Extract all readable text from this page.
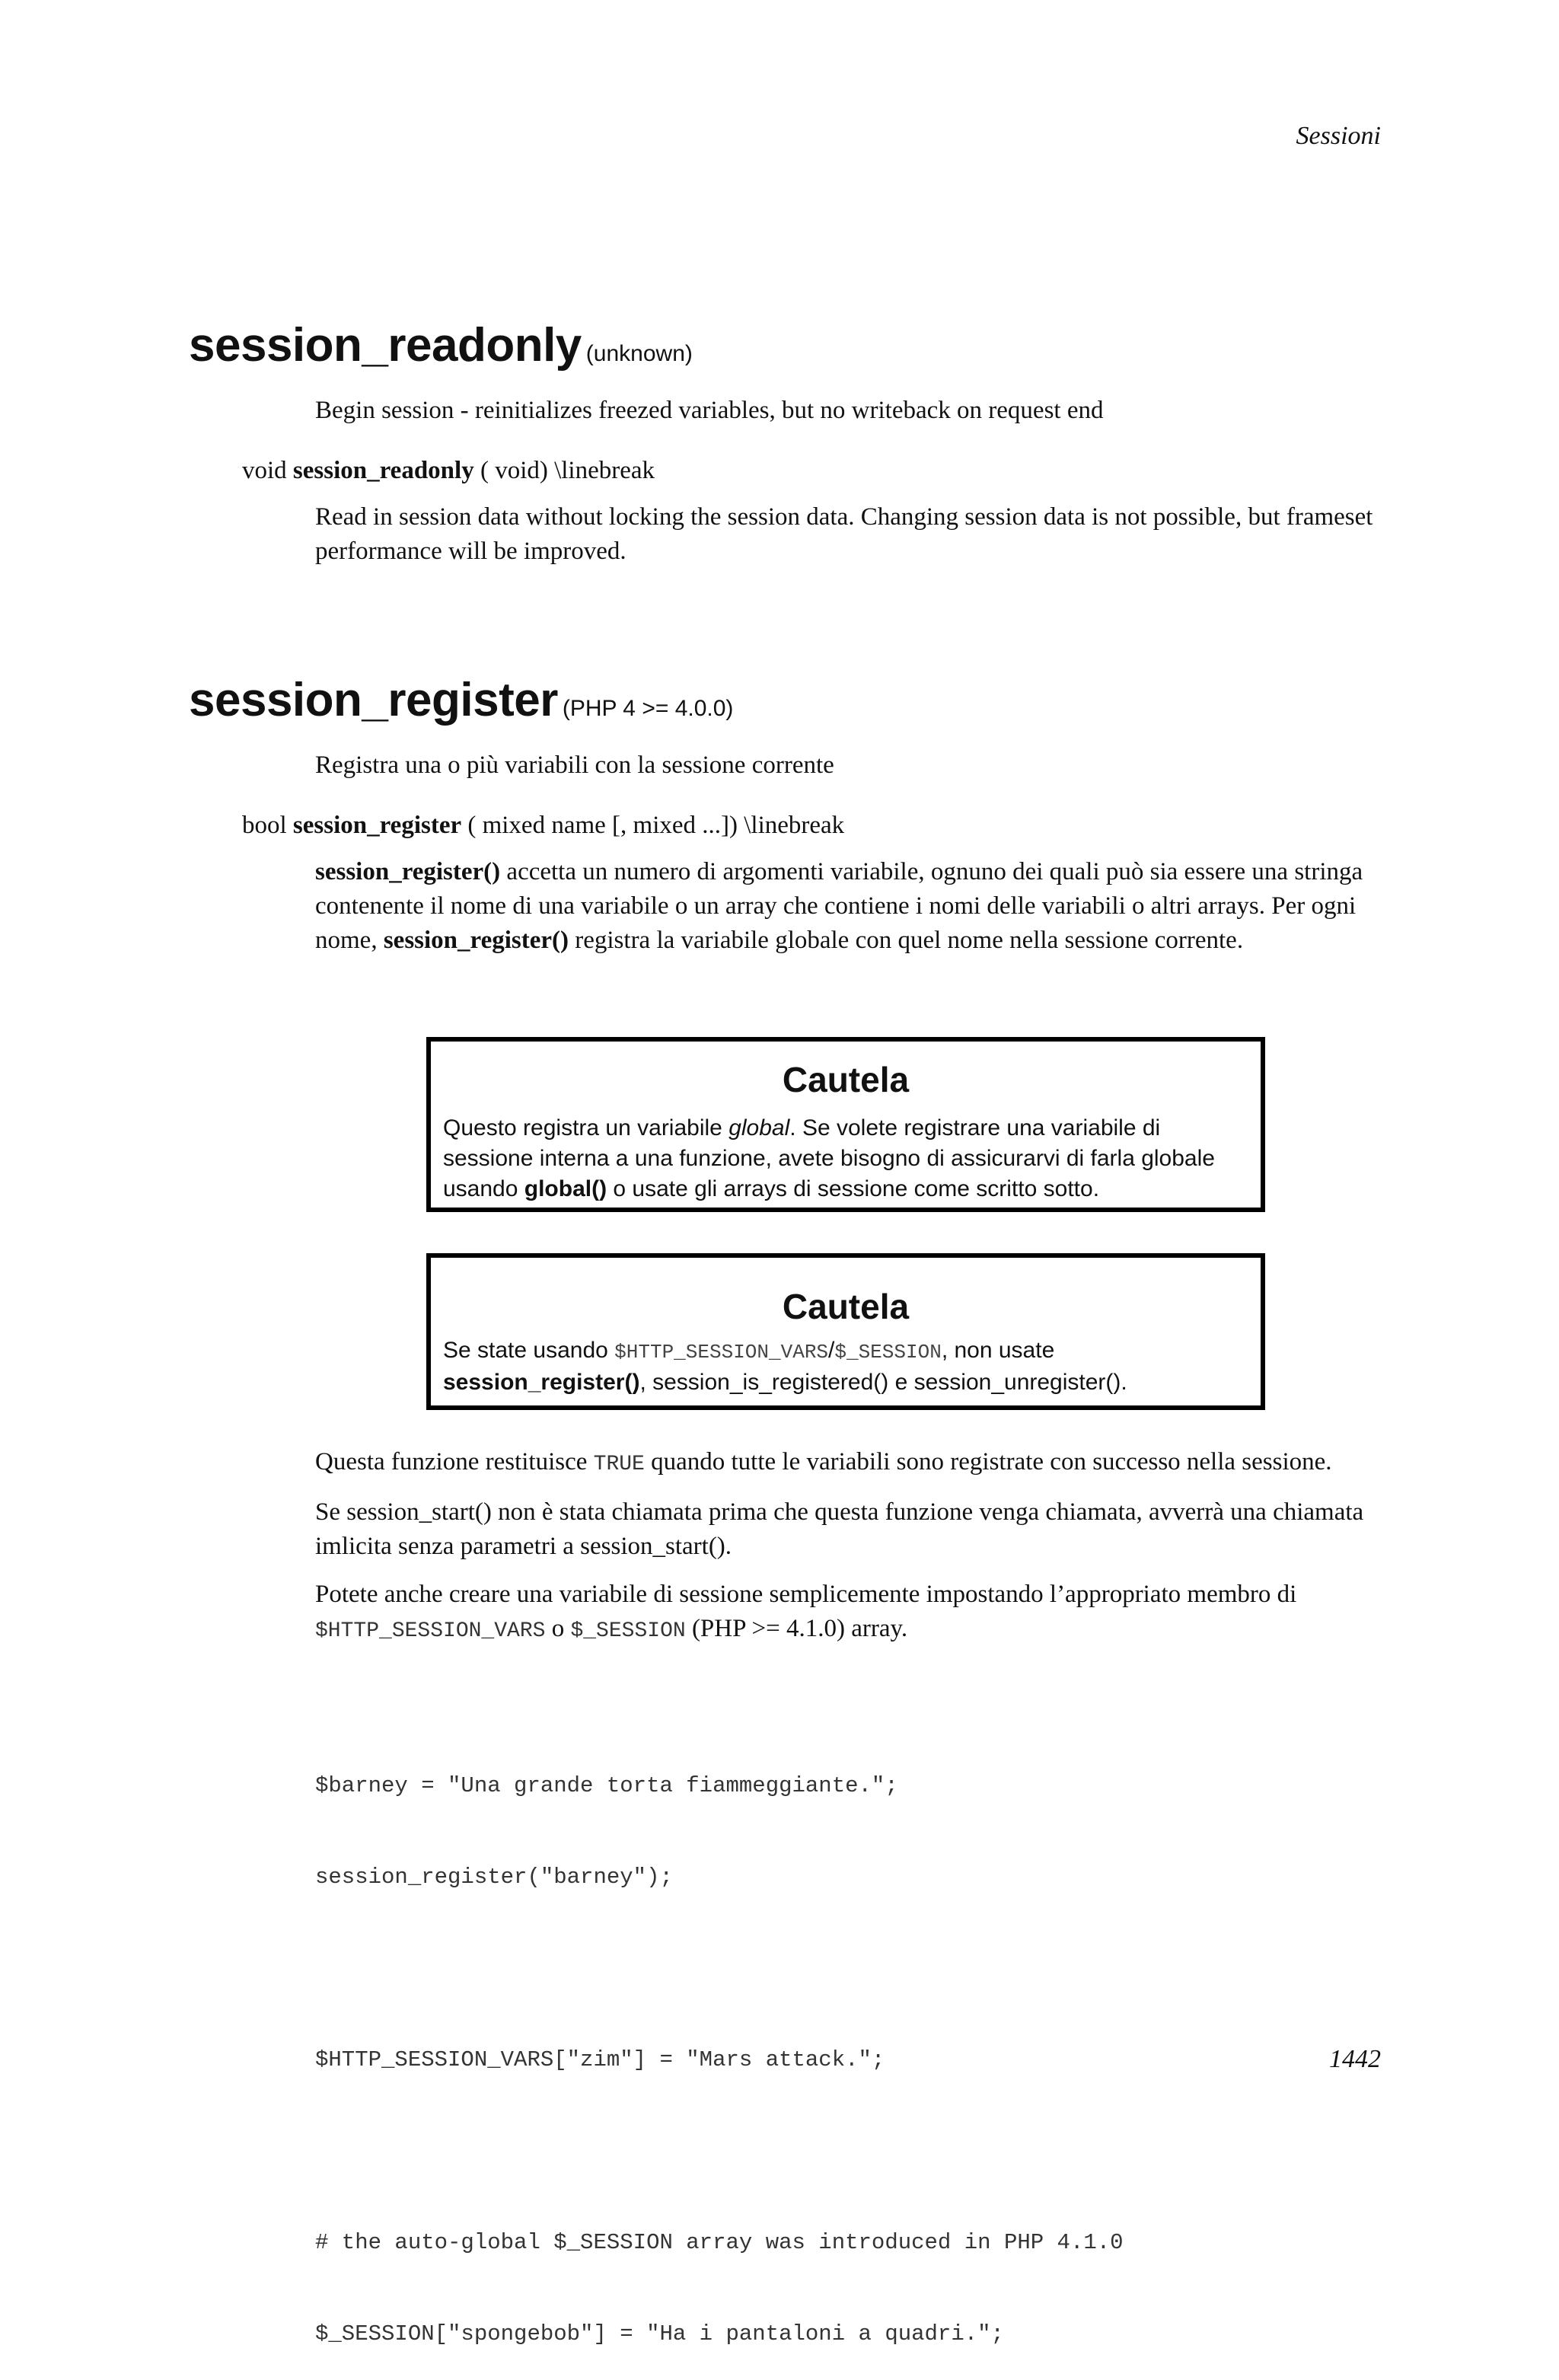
Sessioni
session_readonly (unknown)

Begin session - reinitializes freezed variables, but no writeback on request end

void session_readonly ( void) \linebreak

Read in session data without locking the session data. Changing session data is not possible, but frameset performance will be improved.

session_register (PHP 4 >= 4.0.0)

Registra una o più variabili con la sessione corrente

bool session_register ( mixed name [, mixed ...]) \linebreak

session_register() accetta un numero di argomenti variabile, ognuno dei quali può sia essere una stringa contenente il nome di una variabile o un array che contiene i nomi delle variabili o altri arrays. Per ogni nome, session_register() registra la variabile globale con quel nome nella sessione corrente.

Cautela
Questo registra un variabile global. Se volete registrare una variabile di sessione interna a una funzione, avete bisogno di assicurarvi di farla globale usando global() o usate gli arrays di sessione come scritto sotto.
Cautela
Se state usando $HTTP_SESSION_VARS/$_SESSION, non usate
session_register(), session_is_registered() e session_unregister().

Questa funzione restituisce TRUE quando tutte le variabili sono registrate con successo nella sessione.

Se session_start() non è stata chiamata prima che questa funzione venga chiamata, avverrà una chiamata imlicita senza parametri a session_start().

Potete anche creare una variabile di sessione semplicemente impostando l’appropriato membro di $HTTP_SESSION_VARS o $_SESSION (PHP >= 4.1.0) array.

$barney = "Una grande torta fiammeggiante.";

session_register("barney");

$HTTP_SESSION_VARS["zim"] = "Mars attack.";

# the auto-global $_SESSION array was introduced in PHP 4.1.0

$_SESSION["spongebob"] = "Ha i pantaloni a quadri.";

1442
